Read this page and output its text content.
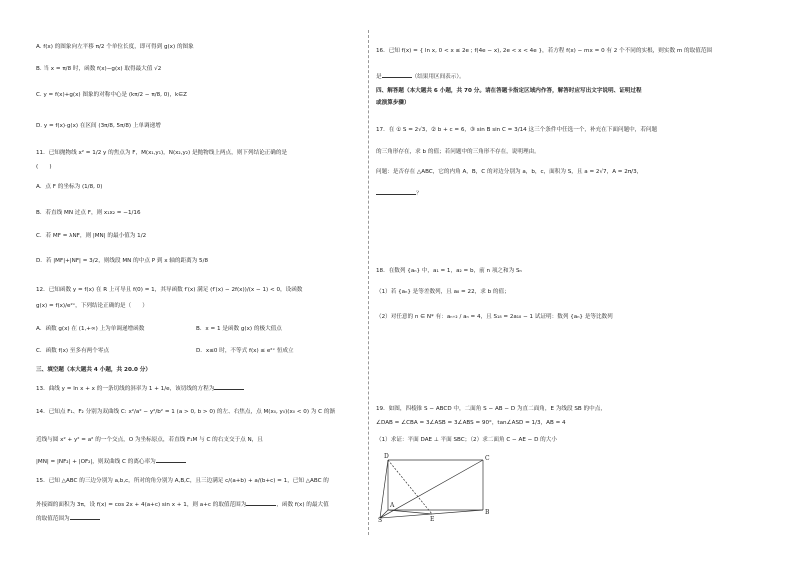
A. f(x) 的图象向左平移 π/2 个单位长度，即可得到 g(x) 的图象
B. 当 x = π/8 时，函数 f(x)−g(x) 取得最大值 √2
C. y = f(x)+g(x) 图象的对称中心是 (kπ/2 − π/8, 0)，k∈Z
D. y = f(x)·g(x) 在区间 (3π/8, 5π/8) 上单调递增
11．已知抛物线 x² = 1/2 y 的焦点为 F，M(x₁,y₁)，N(x₂,y₂) 是抛物线上两点，则下列结论正确的是
(　　)
A．点 F 的坐标为 (1/8, 0)
B．若直线 MN 过点 F，则 x₁x₂ = −1/16
C．若 MF = λNF，则 |MN| 的最小值为 1/2
D．若 |MF|+|NF| = 3/2，则线段 MN 的中点 P 到 x 轴的距离为 5/8
12．已知函数 y = f(x) 在 R 上可导且 f(0) = 1，其导函数 f′(x) 满足 (f′(x) − 2f(x))/(x − 1) < 0，设函数
g(x) = f(x)/e²ˣ，下列结论正确的是（　　）
A．函数 g(x) 在 (1,+∞) 上为单调递增函数	B．x = 1 是函数 g(x) 的极大值点
C．函数 f(x) 至多有两个零点	D．x≤0 时，不等式 f(x) ≤ e²ˣ 恒成立
三、填空题（本大题共 4 小题，共 20.0 分）
13．曲线 y = ln x + x 的一条切线的斜率为 1 + 1/e，该切线的方程为
14．已知点 F₁、F₂ 分别为双曲线 C: x²/a² − y²/b² = 1 (a > 0, b > 0) 的左、右焦点，点 M(x₀, y₀)(x₀ < 0) 为 C 的渐
近线与圆 x² + y² = a² 的一个交点，O 为坐标原点，若直线 F₁M 与 C 的右支交于点 N，且
|MN| = |NF₂| + |OF₂|，则双曲线 C 的离心率为
15．已知 △ABC 的三边分别为 a,b,c，所对的角分别为 A,B,C，且三边满足 c/(a+b) + a/(b+c) = 1，已知 △ABC 的
外接圆的面积为 3π，设 f(x) = cos 2x + 4(a+c) sin x + 1，则 a+c 的取值范围为	，函数 f(x) 的最大值
的取值范围为
16．已知 f(x) = { ln x, 0 < x ≤ 2e ; f(4e − x), 2e < x < 4e }，若方程 f(x) − mx = 0 有 2 个不同的实根，则实数 m 的取值范围
是	（结果用区间表示）。
四、解答题（本大题共 6 小题，共 70 分。请在答题卡指定区域内作答，解答时应写出文字说明、证明过程
或演算步骤）
17．在 ① S = 2√3，② b + c = 6，③ sin B sin C = 3/14 这三个条件中任选一个，补充在下面问题中，若问题
的三角形存在，求 b 的值；若问题中的三角形不存在，说明理由。
问题：是否存在 △ABC，它的内角 A，B，C 的对边分别为 a，b，c，面积为 S，且 a = 2√7，A = 2π/3，
？
18．在数列 {aₙ} 中，a₁ = 1，a₂ = b，前 n 项之和为 Sₙ
（1）若 {aₙ} 是等差数列，且 a₈ = 22，求 b 的值；
（2）对任意的 n ∈ N* 有：aₙ₊₂ / aₙ = 4，且 S₁₈ = 2a₁₈ − 1 试证明：数列 {aₙ} 是等比数列
19．如图，四棱锥 S − ABCD 中，二面角 S − AB − D 为直二面角，E 为线段 SB 的中点，
∠DAB = ∠CBA = 3∠ASB = 3∠ABS = 90°，tan∠ASD = 1/3，AB = 4
（1）求证：平面 DAE ⊥ 平面 SBC；（2）求二面角 C − AE − D 的大小
D	C
A
B
S	E
